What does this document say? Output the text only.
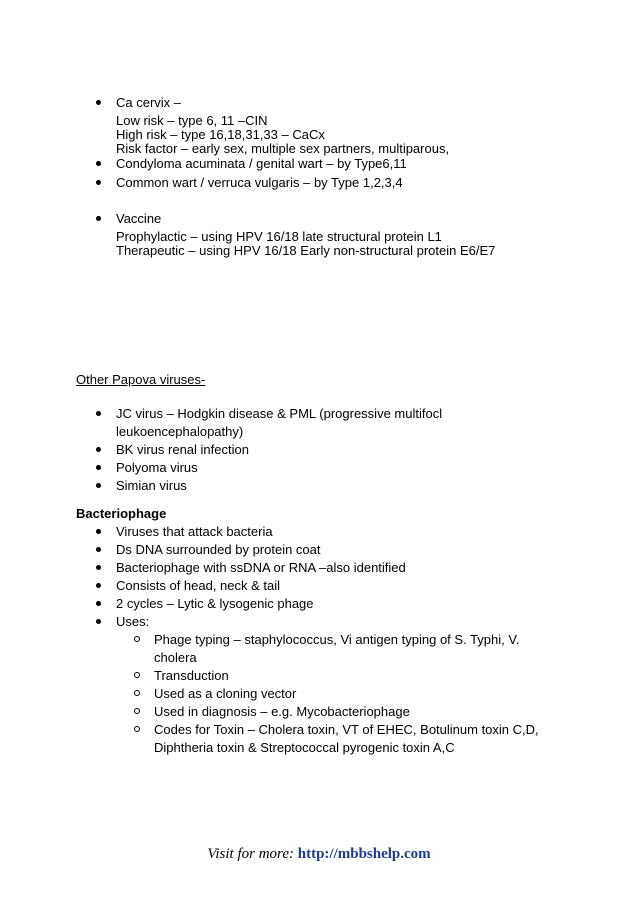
Ca cervix –
Low risk – type 6, 11 –CIN
High risk – type 16,18,31,33 – CaCx
Risk factor – early sex, multiple sex partners, multiparous,
Condyloma acuminata / genital wart – by Type6,11
Common wart / verruca vulgaris – by Type 1,2,3,4
Vaccine
Prophylactic – using HPV 16/18 late structural protein L1
Therapeutic – using HPV 16/18 Early non-structural protein E6/E7
Other Papova viruses-
JC virus – Hodgkin disease & PML (progressive multifocl
leukoencephalopathy)
BK virus renal infection
Polyoma virus
Simian virus
Bacteriophage
Viruses that attack bacteria
Ds DNA surrounded by protein coat
Bacteriophage with ssDNA or RNA –also identified
Consists of head, neck & tail
2 cycles – Lytic & lysogenic phage
Uses:
Phage typing – staphylococcus, Vi antigen typing of S. Typhi, V.
cholera
Transduction
Used as a cloning vector
Used in diagnosis – e.g. Mycobacteriophage
Codes for Toxin – Cholera toxin, VT of EHEC, Botulinum toxin C,D,
Diphtheria toxin & Streptococcal pyrogenic toxin A,C
Visit for more: http://mbbshelp.com
